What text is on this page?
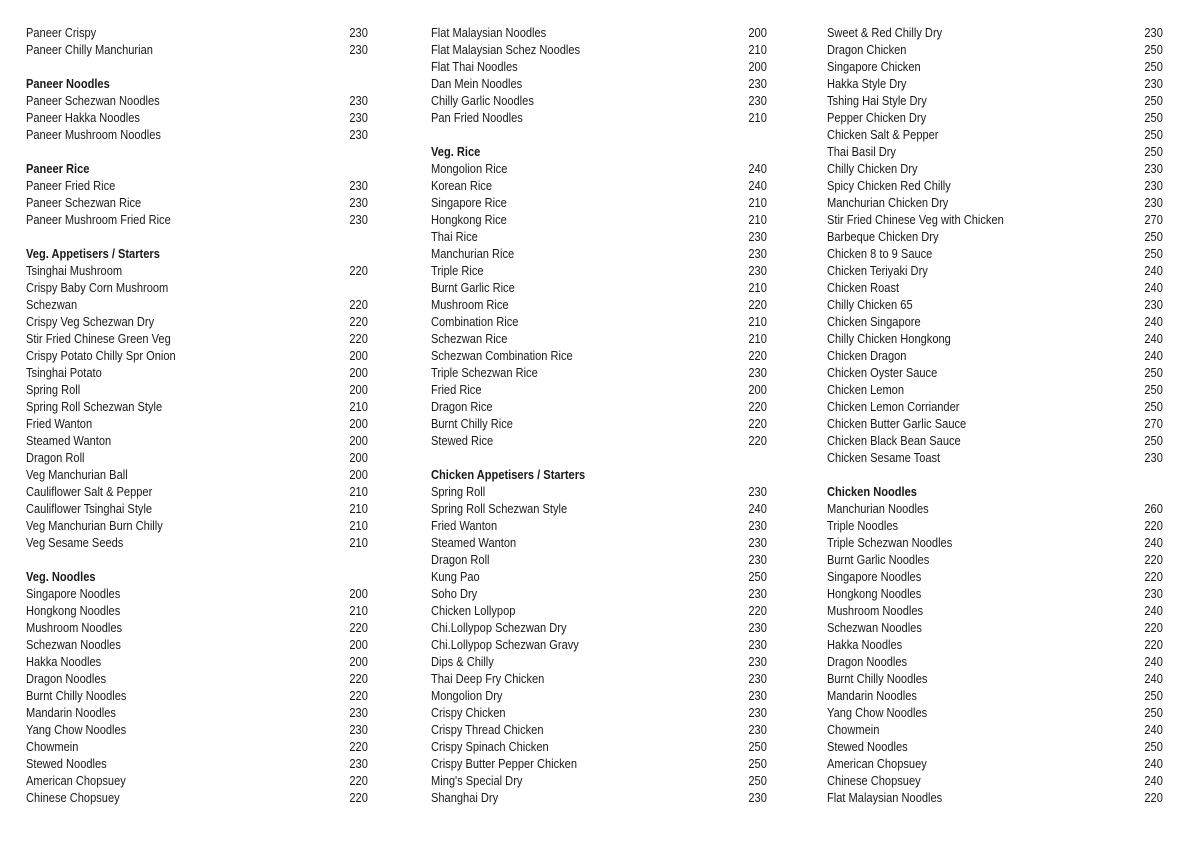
Paneer Crispy	230
Paneer Chilly Manchurian	230
Paneer Noodles
Paneer Schezwan Noodles	230
Paneer Hakka Noodles	230
Paneer Mushroom Noodles	230
Paneer Rice
Paneer Fried Rice	230
Paneer Schezwan Rice	230
Paneer Mushroom Fried Rice	230
Veg. Appetisers / Starters
Tsinghai Mushroom	220
Crispy Baby Corn Mushroom
Schezwan	220
Crispy Veg Schezwan Dry	220
Stir Fried Chinese Green Veg	220
Crispy Potato Chilly Spr Onion	200
Tsinghai Potato	200
Spring Roll	200
Spring Roll Schezwan Style	210
Fried Wanton	200
Steamed Wanton	200
Dragon Roll	200
Veg Manchurian Ball	200
Cauliflower Salt & Pepper	210
Cauliflower Tsinghai Style	210
Veg Manchurian Burn Chilly	210
Veg Sesame Seeds	210
Veg. Noodles
Singapore Noodles	200
Hongkong Noodles	210
Mushroom Noodles	220
Schezwan Noodles	200
Hakka Noodles	200
Dragon Noodles	220
Burnt Chilly Noodles	220
Mandarin Noodles	230
Yang Chow Noodles	230
Chowmein	220
Stewed Noodles	230
American Chopsuey	220
Chinese Chopsuey	220
Flat Malaysian Noodles	200
Flat Malaysian Schez Noodles	210
Flat Thai Noodles	200
Dan Mein Noodles	230
Chilly Garlic Noodles	230
Pan Fried Noodles	210
Veg. Rice
Mongolion Rice	240
Korean Rice	240
Singapore Rice	210
Hongkong Rice	210
Thai Rice	230
Manchurian Rice	230
Triple Rice	230
Burnt Garlic Rice	210
Mushroom Rice	220
Combination Rice	210
Schezwan Rice	210
Schezwan Combination Rice	220
Triple Schezwan Rice	230
Fried Rice	200
Dragon Rice	220
Burnt Chilly Rice	220
Stewed Rice	220
Chicken Appetisers / Starters
Spring Roll	230
Spring Roll Schezwan Style	240
Fried Wanton	230
Steamed Wanton	230
Dragon Roll	230
Kung Pao	250
Soho Dry	230
Chicken Lollypop	220
Chi.Lollypop Schezwan Dry	230
Chi.Lollypop Schezwan Gravy	230
Dips & Chilly	230
Thai Deep Fry Chicken	230
Mongolion Dry	230
Crispy Chicken	230
Crispy Thread Chicken	230
Crispy Spinach Chicken	250
Crispy Butter Pepper Chicken	250
Ming's Special Dry	250
Shanghai Dry	230
Sweet & Red Chilly Dry	230
Dragon Chicken	250
Singapore Chicken	250
Hakka Style Dry	230
Tshing Hai Style Dry	250
Pepper Chicken Dry	250
Chicken Salt & Pepper	250
Thai Basil Dry	250
Chilly Chicken Dry	230
Spicy Chicken Red Chilly	230
Manchurian Chicken Dry	230
Stir Fried Chinese Veg with Chicken	270
Barbeque Chicken Dry	250
Chicken 8 to 9 Sauce	250
Chicken Teriyaki Dry	240
Chicken Roast	240
Chilly Chicken 65	230
Chicken Singapore	240
Chilly Chicken Hongkong	240
Chicken Dragon	240
Chicken Oyster Sauce	250
Chicken Lemon	250
Chicken Lemon Corriander	250
Chicken Butter Garlic Sauce	270
Chicken Black Bean Sauce	250
Chicken Sesame Toast	230
Chicken Noodles
Manchurian Noodles	260
Triple Noodles	220
Triple Schezwan Noodles	240
Burnt Garlic Noodles	220
Singapore Noodles	220
Hongkong Noodles	230
Mushroom Noodles	240
Schezwan Noodles	220
Hakka Noodles	220
Dragon Noodles	240
Burnt Chilly Noodles	240
Mandarin Noodles	250
Yang Chow Noodles	250
Chowmein	240
Stewed Noodles	250
American Chopsuey	240
Chinese Chopsuey	240
Flat Malaysian Noodles	220
